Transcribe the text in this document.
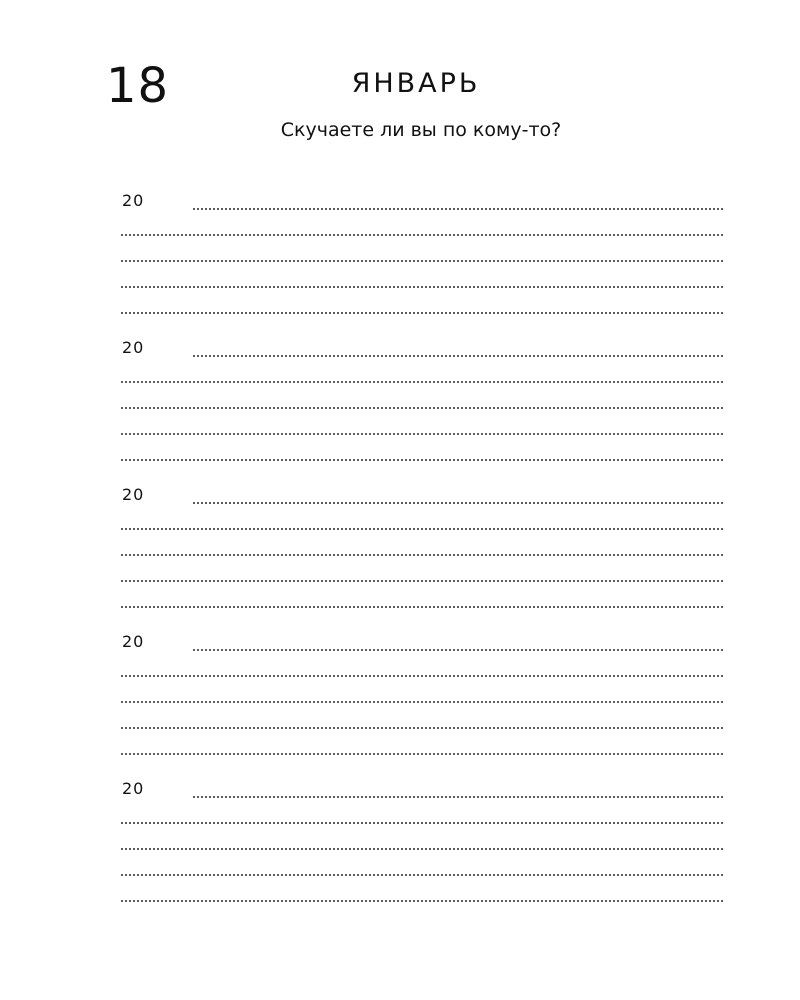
18	ЯНВАРЬ
Скучаете ли вы по кому-то?
20
20
20
20
20
